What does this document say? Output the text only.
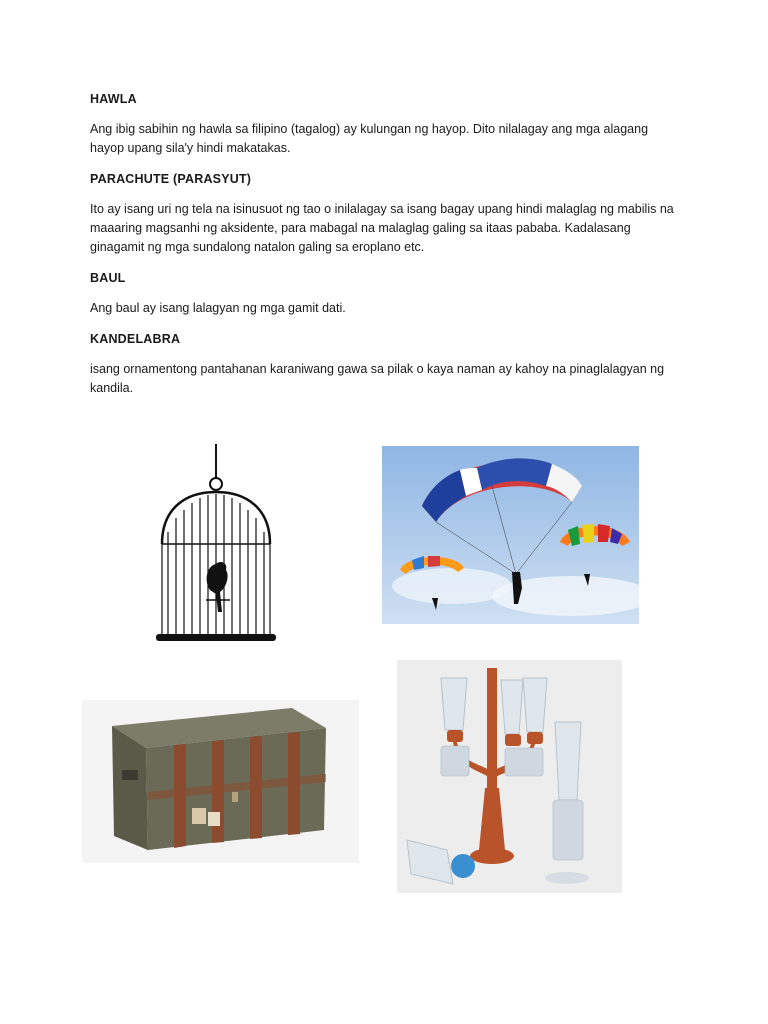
HAWLA
Ang ibig sabihin ng hawla sa filipino (tagalog) ay kulungan ng hayop. Dito nilalagay ang mga alagang hayop upang sila'y hindi makatakas.
PARACHUTE (PARASYUT)
Ito ay isang uri ng tela na isinusuot ng tao o inilalagay sa isang bagay upang hindi malaglag ng mabilis na maaaring magsanhi ng aksidente, para mabagal na malaglag galing sa itaas pababa. Kadalasang ginagamit ng mga sundalong natalon galing sa eroplano etc.
BAUL
Ang baul ay isang lalagyan ng mga gamit dati.
KANDELABRA
isang ornamentong pantahanan karaniwang gawa sa pilak o kaya naman ay kahoy na pinaglalagyan ng kandila.
